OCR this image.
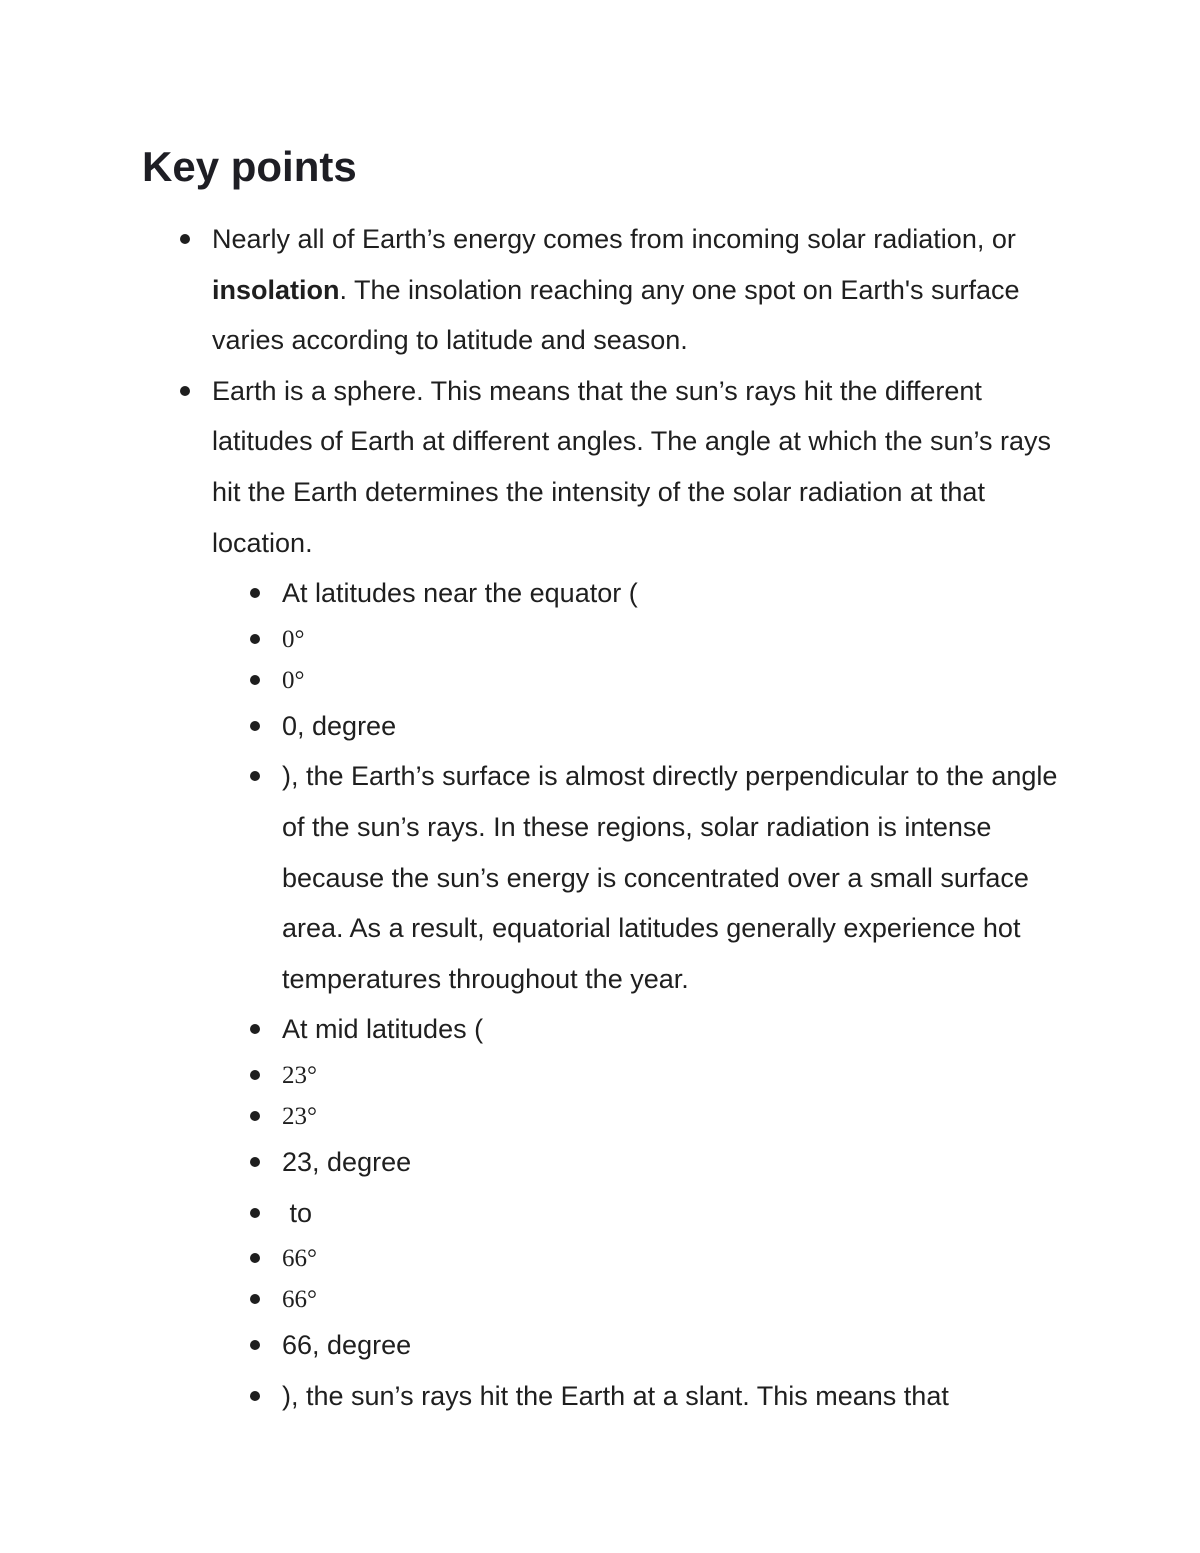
Key points
Nearly all of Earth’s energy comes from incoming solar radiation, or insolation. The insolation reaching any one spot on Earth's surface varies according to latitude and season.
Earth is a sphere. This means that the sun’s rays hit the different latitudes of Earth at different angles. The angle at which the sun’s rays hit the Earth determines the intensity of the solar radiation at that location.
At latitudes near the equator (
0°
0°
0, degree
), the Earth’s surface is almost directly perpendicular to the angle of the sun’s rays. In these regions, solar radiation is intense because the sun’s energy is concentrated over a small surface area. As a result, equatorial latitudes generally experience hot temperatures throughout the year.
At mid latitudes (
23°
23°
23, degree
to
66°
66°
66, degree
), the sun’s rays hit the Earth at a slant. This means that
